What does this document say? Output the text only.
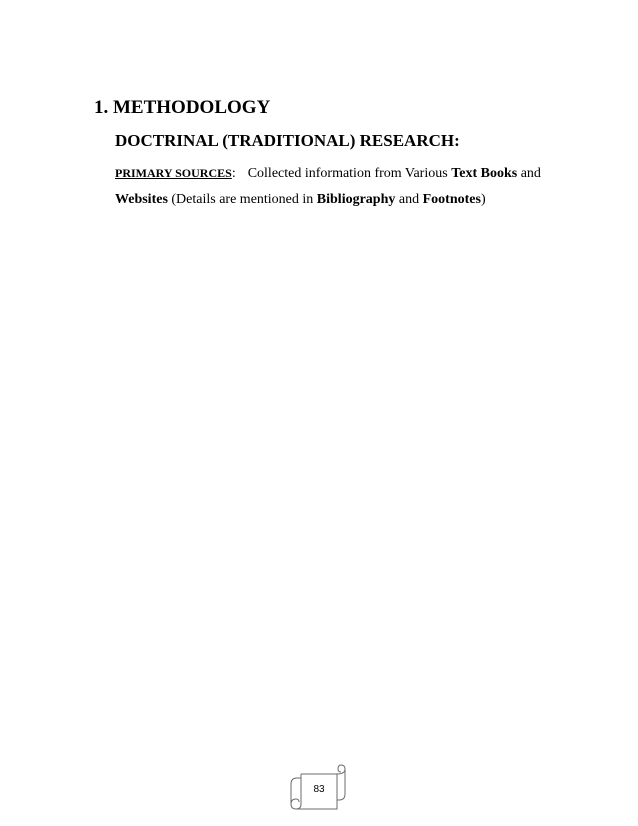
1. METHODOLOGY
DOCTRINAL (TRADITIONAL) RESEARCH:
PRIMARY SOURCES: Collected information from Various Text Books and
Websites (Details are mentioned in Bibliography and Footnotes)
83
